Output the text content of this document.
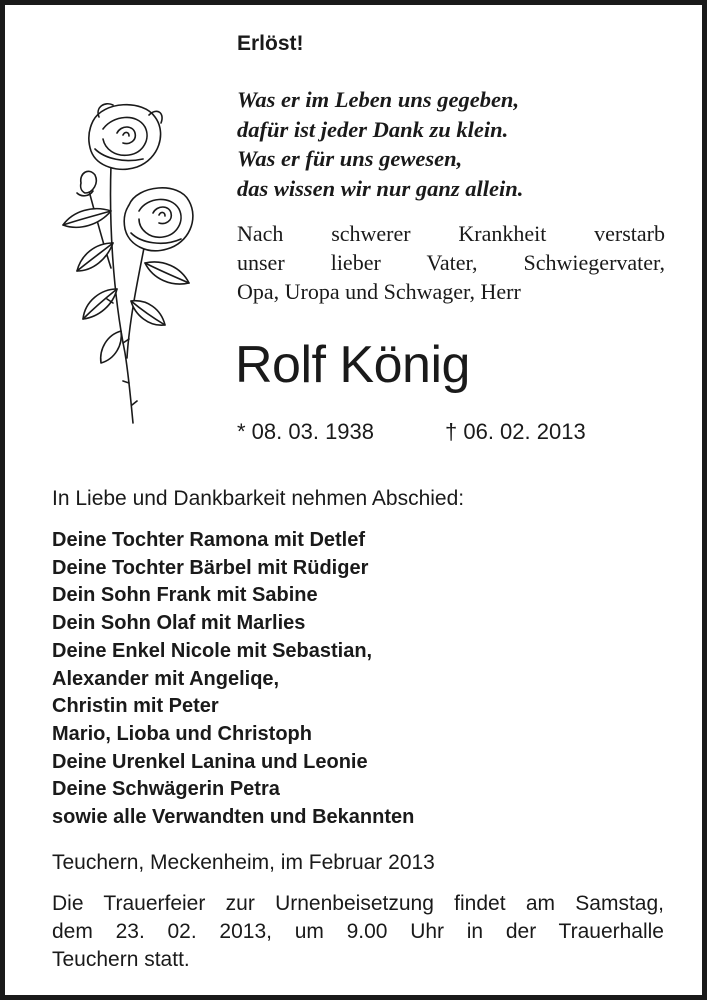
Erlöst!
Was er im Leben uns gegeben,
dafür ist jeder Dank zu klein.
Was er für uns gewesen,
das wissen wir nur ganz allein.
Nach schwerer Krankheit verstarb
unser lieber Vater, Schwiegervater,
Opa, Uropa und Schwager, Herr
Rolf König
* 08. 03. 1938	† 06. 02. 2013
In Liebe und Dankbarkeit nehmen Abschied:
Deine Tochter Ramona mit Detlef
Deine Tochter Bärbel mit Rüdiger
Dein Sohn Frank mit Sabine
Dein Sohn Olaf mit Marlies
Deine Enkel Nicole mit Sebastian,
Alexander mit Angeliqe,
Christin mit Peter
Mario, Lioba und Christoph
Deine Urenkel Lanina und Leonie
Deine Schwägerin Petra
sowie alle Verwandten und Bekannten
Teuchern, Meckenheim, im Februar 2013
Die Trauerfeier zur Urnenbeisetzung findet am Samstag,
dem 23. 02. 2013, um 9.00 Uhr in der Trauerhalle
Teuchern statt.
